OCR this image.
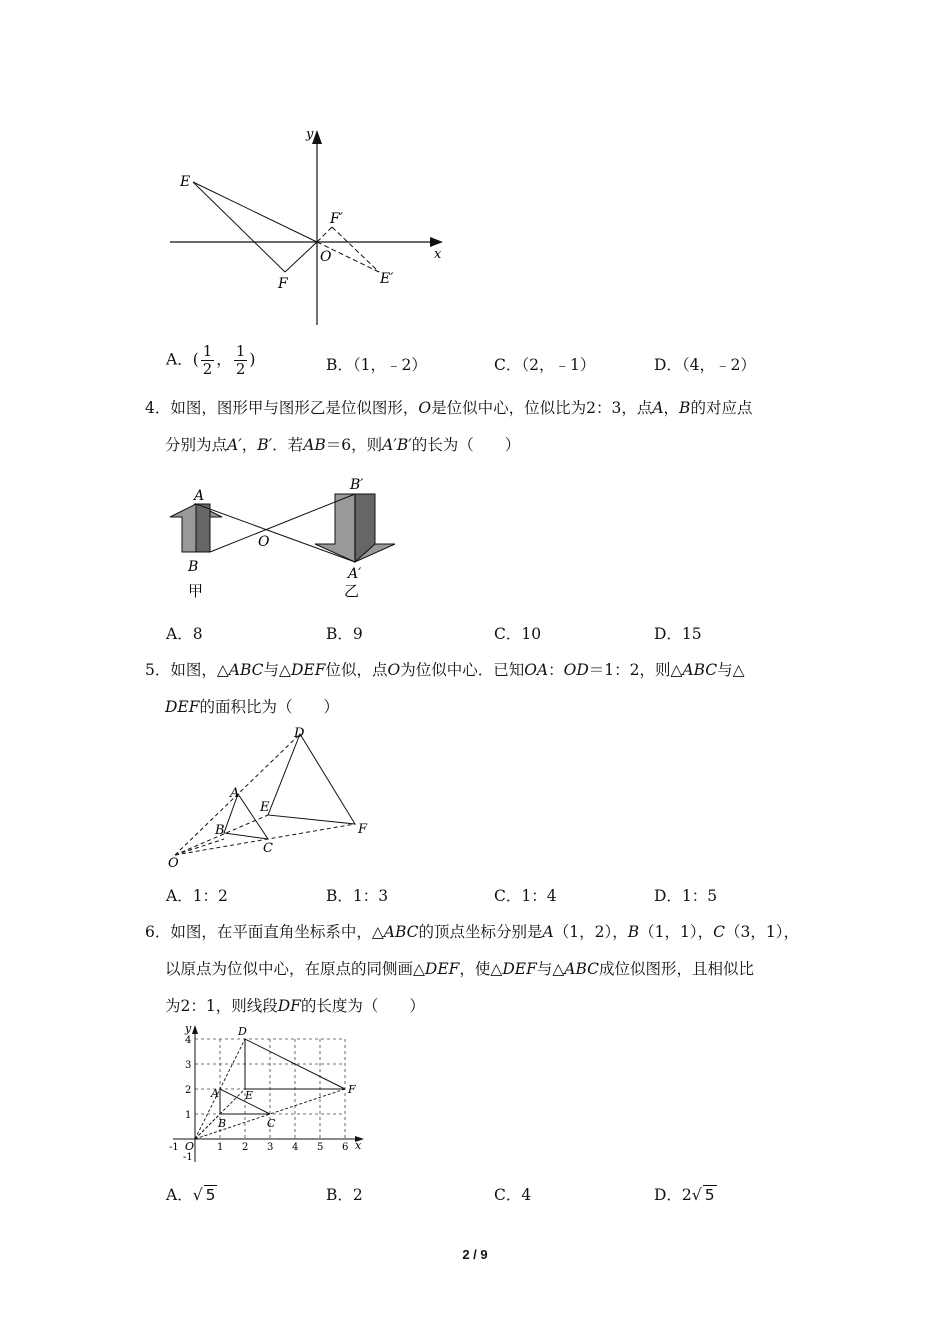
y
x
E
F
O
F′
E′
A．( $\frac{1}{2}$ ， $\frac{1}{2}$ )	B．（1，﹣2）	C．（2，﹣1）	D．（4，﹣2）
4．如图，图形甲与图形乙是位似图形，O是位似中心，位似比为2：3，点A，B的对应点
分别为点A′，B′．若AB＝6，则A′B′的长为（　　）
A
B
O
B′
A′
甲	乙
A．8	B．9	C．10	D．15
5．如图，△ABC与△DEF位似，点O为位似中心．已知OA：OD＝1：2，则△ABC与△
DEF的面积比为（　　）
D
A
E
B
C
F
O
A．1：2	B．1：3	C．1：4	D．1：5
6．如图，在平面直角坐标系中，△ABC的顶点坐标分别是A（1，2），B（1，1），C（3，1），
以原点为位似中心，在原点的同侧画△DEF，使△DEF与△ABC成位似图形，且相似比
为2：1，则线段DF的长度为（　　）
4
3
2
1
-1
-1	1 2 3 4 5 6
y
x
O
D
A E
B	C
F
A．√ 5	B．2	C．4	D．2√ 5
2 / 9
